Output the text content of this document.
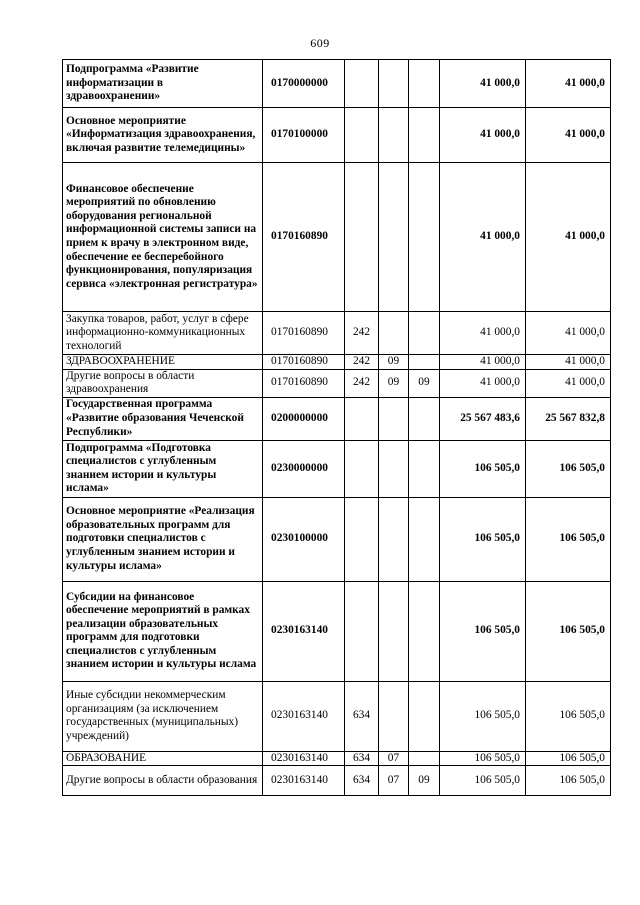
609
Подпрограмма «Развитие информатизации в здравоохранении»	0170000000				41 000,0	41 000,0
Основное мероприятие «Информатизация здравоохранения, включая развитие телемедицины»	0170100000				41 000,0	41 000,0
Финансовое обеспечение мероприятий по обновлению оборудования региональной информационной системы записи на прием к врачу в электронном виде, обеспечение ее бесперебойного функционирования, популяризация сервиса «электронная регистратура»	0170160890				41 000,0	41 000,0
Закупка товаров, работ, услуг в сфере информационно-коммуникационных технологий	0170160890	242			41 000,0	41 000,0
ЗДРАВООХРАНЕНИЕ	0170160890	242	09		41 000,0	41 000,0
Другие вопросы в области здравоохранения	0170160890	242	09	09	41 000,0	41 000,0
Государственная программа «Развитие образования Чеченской Республики»	0200000000				25 567 483,6	25 567 832,8
Подпрограмма «Подготовка специалистов с углубленным знанием истории и культуры ислама»	0230000000				106 505,0	106 505,0
Основное мероприятие «Реализация образовательных программ для подготовки специалистов с углубленным знанием истории и культуры ислама»	0230100000				106 505,0	106 505,0
Субсидии на финансовое обеспечение мероприятий в рамках реализации образовательных программ для подготовки специалистов с углубленным знанием истории и культуры ислама	0230163140				106 505,0	106 505,0
Иные субсидии некоммерческим организациям (за исключением государственных (муниципальных) учреждений)	0230163140	634			106 505,0	106 505,0
ОБРАЗОВАНИЕ	0230163140	634	07		106 505,0	106 505,0
Другие вопросы в области образования	0230163140	634	07	09	106 505,0	106 505,0
